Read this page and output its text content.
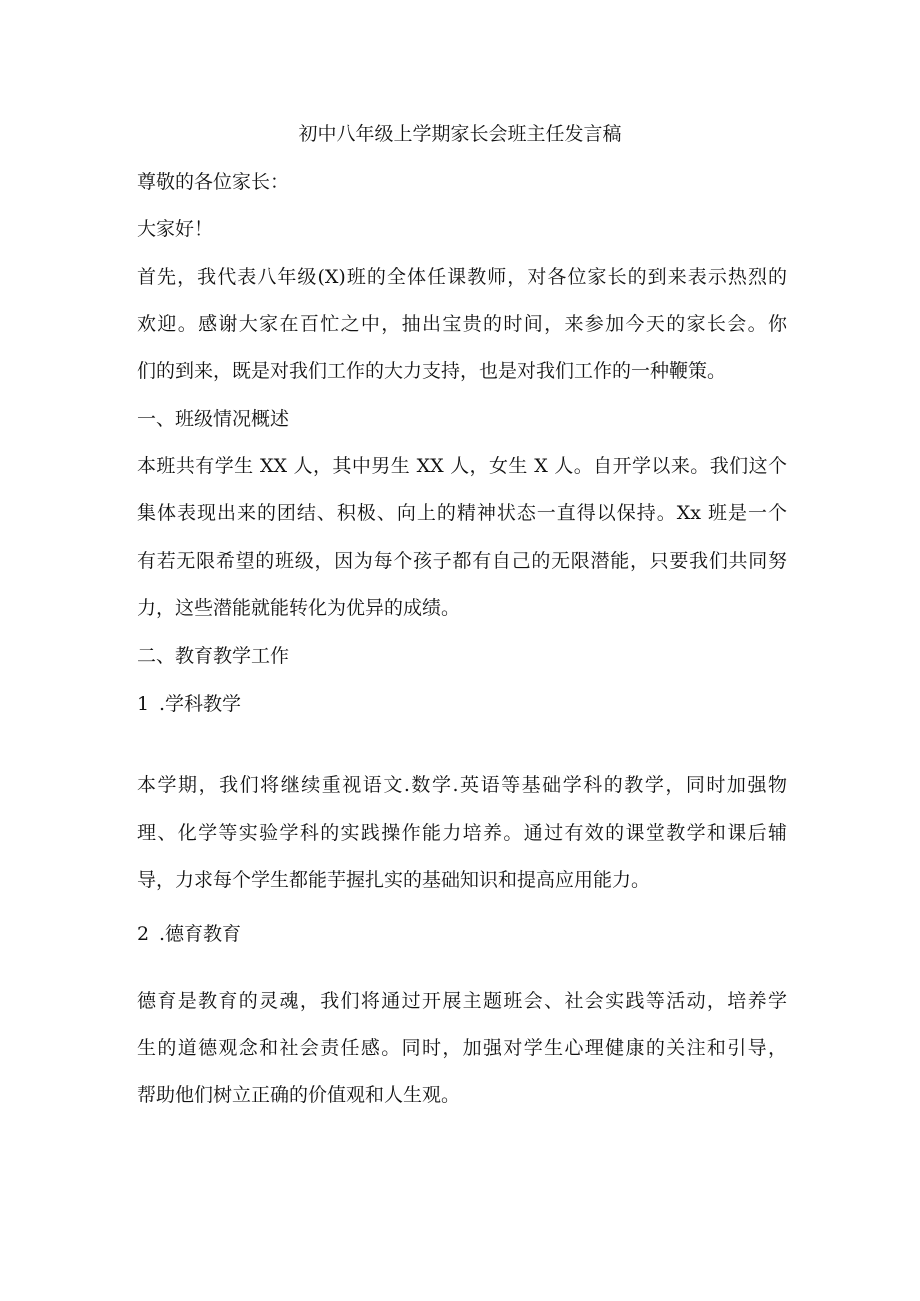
初中八年级上学期家长会班主任发言稿
尊敬的各位家长：
大家好！
首先，我代表八年级(X)班的全体任课教师，对各位家长的到来表示热烈的
欢迎。感谢大家在百忙之中，抽出宝贵的时间，来参加今天的家长会。你
们的到来，既是对我们工作的大力支持，也是对我们工作的一种鞭策。
一、班级情况概述
本班共有学生 XX 人，其中男生 XX 人，女生 X 人。自开学以来。我们这个
集体表现出来的团结、积极、向上的精神状态一直得以保持。Xx 班是一个
有若无限希望的班级，因为每个孩子都有自己的无限潜能，只要我们共同努
力，这些潜能就能转化为优异的成绩。
二、教育教学工作
1 .学科教学
本学期，我们将继续重视语文.数学.英语等基础学科的教学，同时加强物
理、化学等实验学科的实践操作能力培养。通过有效的课堂教学和课后辅
导，力求每个学生都能芋握扎实的基础知识和提高应用能力。
2 .德育教育
德育是教育的灵魂，我们将通过开展主题班会、社会实践等活动，培养学
生的道德观念和社会责任感。同时，加强对学生心理健康的关注和引导，
帮助他们树立正确的价值观和人生观。
